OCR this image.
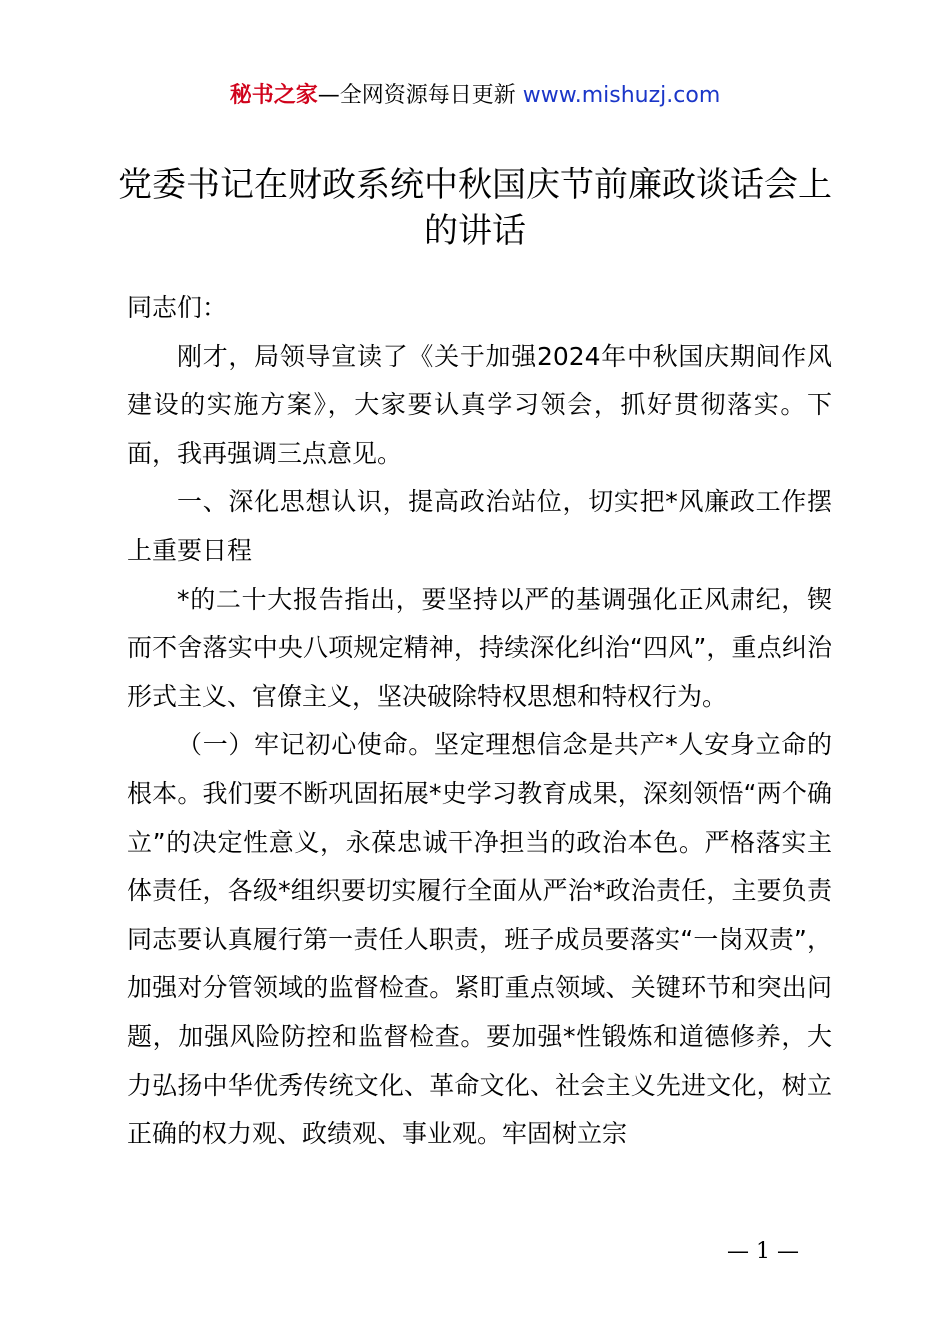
秘书之家—全网资源每日更新 www.mishuzj.com
党委书记在财政系统中秋国庆节前廉政谈话会上的讲话

同志们：

刚才，局领导宣读了《关于加强2024年中秋国庆期间作风建设的实施方案》，大家要认真学习领会，抓好贯彻落实。下面，我再强调三点意见。

一、深化思想认识，提高政治站位，切实把*风廉政工作摆上重要日程

*的二十大报告指出，要坚持以严的基调强化正风肃纪，锲而不舍落实中央八项规定精神，持续深化纠治“四风”，重点纠治形式主义、官僚主义，坚决破除特权思想和特权行为。

（一）牢记初心使命。坚定理想信念是共产*人安身立命的根本。我们要不断巩固拓展*史学习教育成果，深刻领悟“两个确立”的决定性意义，永葆忠诚干净担当的政治本色。严格落实主体责任，各级*组织要切实履行全面从严治*政治责任，主要负责同志要认真履行第一责任人职责，班子成员要落实“一岗双责”，加强对分管领域的监督检查。紧盯重点领域、关键环节和突出问题，加强风险防控和监督检查。要加强*性锻炼和道德修养，大力弘扬中华优秀传统文化、革命文化、社会主义先进文化，树立正确的权力观、政绩观、事业观。牢固树立宗

— 1 —
